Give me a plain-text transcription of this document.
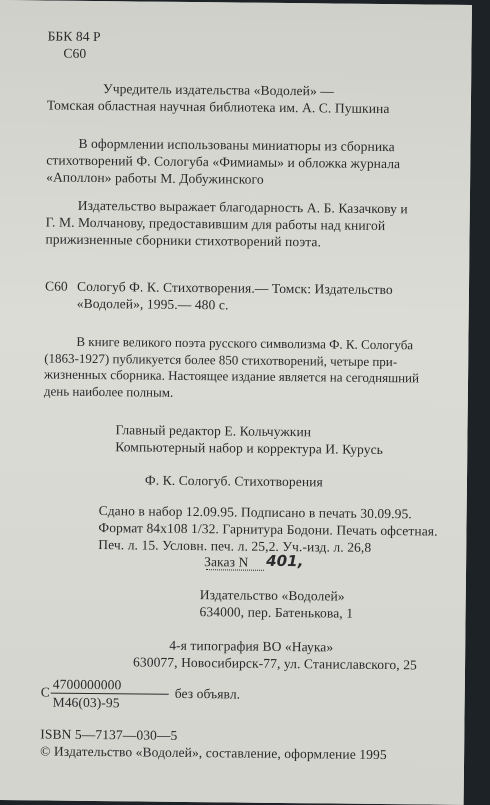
ББК 84 Р
С60
Учредитель издательства «Водолей» —
Томская областная научная библиотека им. А. С. Пушкина
В оформлении использованы миниатюры из сборника
стихотворений Ф. Сологуба «Фимиамы» и обложка журнала
«Аполлон» работы М. Добужинского
Издательство выражает благодарность А. Б. Казачкову и
Г. М. Молчанову, предоставившим для работы над книгой
прижизненные сборники стихотворений поэта.
С60 Сологуб Ф. К. Стихотворения.— Томск: Издательство
«Водолей», 1995.— 480 с.
В книге великого поэта русского символизма Ф. К. Сологуба
(1863-1927) публикуется более 850 стихотворений, четыре при-
жизненных сборника. Настоящее издание является на сегодняшний
день наиболее полным.
Главный редактор Е. Кольчужкин
Компьютерный набор и корректура И. Курусь
Ф. К. Сологуб. Стихотворения
Сдано в набор 12.09.95. Подписано в печать 30.09.95.
Формат 84x108 1/32. Гарнитура Бодони. Печать офсетная.
Печ. л. 15. Условн. печ. л. 25,2. Уч.-изд. л. 26,8
Заказ N 401,
Издательство «Водолей»
634000, пер. Батенькова, 1
4-я типография ВО «Наука»
630077, Новосибирск-77, ул. Станиславского, 25
С 4700000000
М46(03)-95
без объявл.
ISBN 5—7137—030—5
© Издательство «Водолей», составление, оформление 1995
